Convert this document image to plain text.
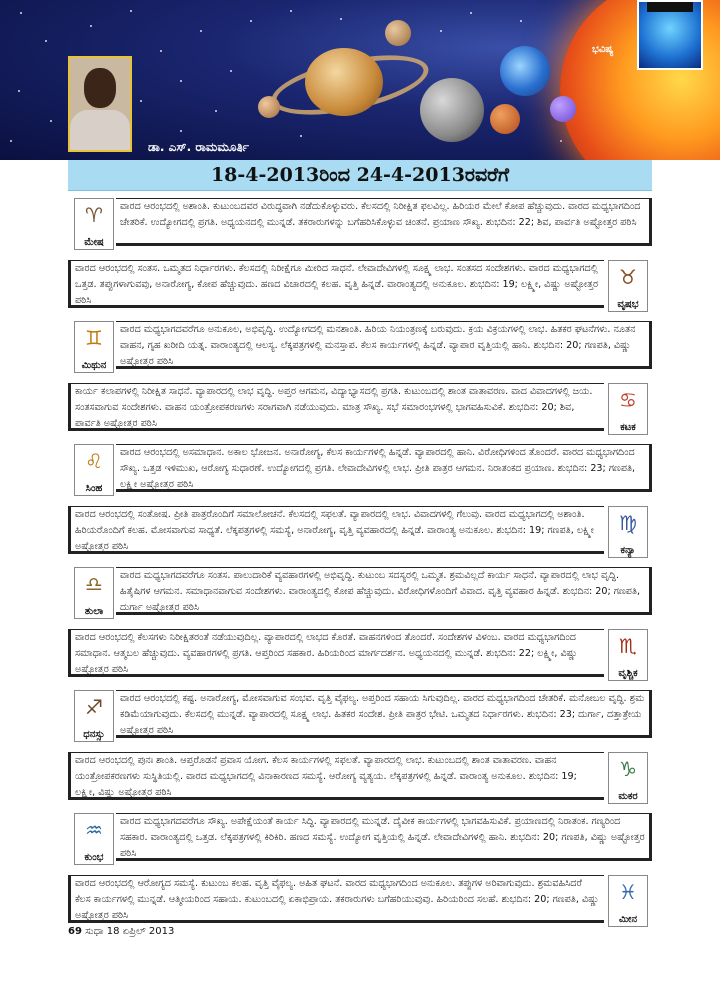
ಭವಿಷ್ಯ
ಡಾ. ಎಸ್. ರಾಮಮೂರ್ತಿ
18-4-2013ರಿಂದ 24-4-2013ರವರೆಗೆ
♈
ಮೇಷ
ವಾರದ ಆರಂಭದಲ್ಲಿ ಅಶಾಂತಿ. ಕುಟುಂಬದವರ ವಿರುದ್ಧವಾಗಿ ನಡೆದುಕೊಳ್ಳುವರು. ಕೆಲಸದಲ್ಲಿ ನಿರೀಕ್ಷಿತ ಫಲವಿಲ್ಲ. ಹಿರಿಯರ ಮೇಲೆ ಕೋಪ ಹೆಚ್ಚುವುದು. ವಾರದ ಮಧ್ಯಭಾಗದಿಂದ ಚೇತರಿಕೆ. ಉದ್ಯೋಗದಲ್ಲಿ ಪ್ರಗತಿ. ಅಧ್ಯಯನದಲ್ಲಿ ಮುನ್ನಡೆ. ತಕರಾರುಗಳನ್ನು ಬಗೆಹರಿಸಿಕೊಳ್ಳುವ ಚಿಂತನೆ. ಪ್ರಯಾಣ ಸೌಖ್ಯ. ಶುಭದಿನ: 22; ಶಿವ, ಪಾರ್ವತಿ ಅಷ್ಟೋತ್ತರ ಪಠಿಸಿ
♉
ವೃಷಭ
ವಾರದ ಆರಂಭದಲ್ಲಿ ಸಂತಸ. ಒಮ್ಮತದ ನಿರ್ಧಾರಗಳು. ಕೆಲಸದಲ್ಲಿ ನಿರೀಕ್ಷೆಗೂ ಮೀರಿದ ಸಾಧನೆ. ಲೇವಾದೇವಿಗಳಲ್ಲಿ ಸೂಕ್ಷ್ಮ ಲಾಭ. ಸಂತಸದ ಸಂದೇಶಗಳು. ವಾರದ ಮಧ್ಯಭಾಗದಲ್ಲಿ ಒತ್ತಡ. ತಪ್ಪುಗಳಾಗುವವು, ಅನಾರೋಗ್ಯ, ಕೋಪ ಹೆಚ್ಚುವುದು. ಹಣದ ವಿಚಾರದಲ್ಲಿ ಕಲಹ. ವೃತ್ತಿ ಹಿನ್ನಡೆ. ವಾರಾಂತ್ಯದಲ್ಲಿ ಅನುಕೂಲ. ಶುಭದಿನ: 19; ಲಕ್ಷ್ಮೀ, ವಿಷ್ಣು ಅಷ್ಟೋತ್ತರ ಪಠಿಸಿ
♊
ಮಿಥುನ
ವಾರದ ಮಧ್ಯಭಾಗದವರೆಗೂ ಅನುಕೂಲ, ಅಭಿವೃದ್ಧಿ. ಉದ್ಯೋಗದಲ್ಲಿ ಮನಶಾಂತಿ. ಹಿರಿಯ ನಿಯಂತ್ರಣಕ್ಕೆ ಬರುವುದು. ಕ್ರಯ ವಿಕ್ರಯಗಳಲ್ಲಿ ಲಾಭ. ಹಿತಕರ ಘಟನೆಗಳು. ನೂತನ ವಾಹನ, ಗೃಹ ಖರೀದಿ ಯತ್ನ. ವಾರಾಂತ್ಯದಲ್ಲಿ ಆಲಸ್ಯ. ಲೆಕ್ಕಪತ್ರಗಳಲ್ಲಿ ಮನಸ್ತಾಪ. ಕೆಲಸ ಕಾರ್ಯಗಳಲ್ಲಿ ಹಿನ್ನಡೆ. ವ್ಯಾಪಾರ ವೃತ್ತಿಯಲ್ಲಿ ಹಾನಿ. ಶುಭದಿನ: 20; ಗಣಪತಿ, ವಿಷ್ಣು ಅಷ್ಟೋತ್ತರ ಪಠಿಸಿ
♋
ಕಟಕ
ಕಾರ್ಯ ಕಲಾಪಗಳಲ್ಲಿ ನಿರೀಕ್ಷಿತ ಸಾಧನೆ. ವ್ಯಾಪಾರದಲ್ಲಿ ಲಾಭ ವೃದ್ಧಿ. ಅಪ್ತರ ಆಗಮನ, ವಿದ್ಯಾಭ್ಯಾಸದಲ್ಲಿ ಪ್ರಗತಿ. ಕುಟುಂಬದಲ್ಲಿ ಶಾಂತ ವಾತಾವರಣ. ವಾದ ವಿವಾದಗಳಲ್ಲಿ ಜಯ. ಸಂತಸವಾಗುವ ಸಂದೇಶಗಳು. ವಾಹನ ಯಂತ್ರೋಪಕರಣಗಳು ಸರಾಗವಾಗಿ ನಡೆಯುವುದು. ಮಾತ್ರ ಸೌಖ್ಯ. ಸಭೆ ಸಮಾರಂಭಗಳಲ್ಲಿ ಭಾಗವಹಿಸುವಿಕೆ. ಶುಭದಿನ: 20; ಶಿವ, ಪಾರ್ವತಿ ಅಷ್ಟೋತ್ತರ ಪಠಿಸಿ
♌
ಸಿಂಹ
ವಾರದ ಆರಂಭದಲ್ಲಿ ಅಸಮಾಧಾನ. ಅಕಾಲ ಭೋಜನ. ಅನಾರೋಗ್ಯ, ಕೆಲಸ ಕಾರ್ಯಗಳಲ್ಲಿ ಹಿನ್ನಡೆ. ವ್ಯಾಪಾರದಲ್ಲಿ ಹಾನಿ. ವಿರೋಧಿಗಳಿಂದ ತೊಂದರೆ. ವಾರದ ಮಧ್ಯಭಾಗದಿಂದ ಸೌಖ್ಯ. ಒತ್ತಡ ಇಳಿಮುಖ, ಆರೋಗ್ಯ ಸುಧಾರಣೆ. ಉದ್ಯೋಗದಲ್ಲಿ ಪ್ರಗತಿ. ಲೇವಾದೇವಿಗಳಲ್ಲಿ ಲಾಭ. ಪ್ರೀತಿ ಪಾತ್ರರ ಆಗಮನ. ನಿರಾತಂಕದ ಪ್ರಯಾಣ. ಶುಭದಿನ: 23; ಗಣಪತಿ, ಲಕ್ಷ್ಮೀ ಅಷ್ಟೋತ್ತರ ಪಠಿಸಿ
♍
ಕನ್ಯಾ
ವಾರದ ಆರಂಭದಲ್ಲಿ ಸಂತೋಷ. ಪ್ರೀತಿ ಪಾತ್ರರೊಂದಿಗೆ ಸಮಾಲೋಚನೆ. ಕೆಲಸದಲ್ಲಿ ಸಫಲತೆ. ವ್ಯಾಪಾರದಲ್ಲಿ ಲಾಭ. ವಿವಾದಗಳಲ್ಲಿ ಗೆಲುವು. ವಾರದ ಮಧ್ಯಭಾಗದಲ್ಲಿ ಅಶಾಂತಿ. ಹಿರಿಯರೊಂದಿಗೆ ಕಲಹ. ಮೋಸವಾಗುವ ಸಾಧ್ಯತೆ. ಲೆಕ್ಕಪತ್ರಗಳಲ್ಲಿ ಸಮಸ್ಯೆ, ಅನಾರೋಗ್ಯ, ವೃತ್ತಿ ವ್ಯವಹಾರದಲ್ಲಿ ಹಿನ್ನಡೆ. ವಾರಾಂತ್ಯ ಅನುಕೂಲ. ಶುಭದಿನ: 19; ಗಣಪತಿ, ಲಕ್ಷ್ಮೀ ಅಷ್ಟೋತ್ತರ ಪಠಿಸಿ
♎
ತುಲಾ
ವಾರದ ಮಧ್ಯಭಾಗದವರೆಗೂ ಸಂತಸ. ಪಾಲುದಾರಿಕೆ ವ್ಯವಹಾರಗಳಲ್ಲಿ ಅಭಿವೃದ್ಧಿ. ಕುಟುಂಬ ಸದಸ್ಯರಲ್ಲಿ ಒಮ್ಮತ. ಶ್ರಮವಿಲ್ಲದೆ ಕಾರ್ಯ ಸಾಧನೆ. ವ್ಯಾಪಾರದಲ್ಲಿ ಲಾಭ ವೃದ್ಧಿ. ಹಿತೈಷಿಗಳ ಆಗಮನ. ಸಮಾಧಾನವಾಗುವ ಸಂದೇಶಗಳು. ವಾರಾಂತ್ಯದಲ್ಲಿ ಕೋಪ ಹೆಚ್ಚುವುದು. ವಿರೋಧಿಗಳೊಂದಿಗೆ ವಿವಾದ. ವೃತ್ತಿ ವ್ಯವಹಾರ ಹಿನ್ನಡೆ. ಶುಭದಿನ: 20; ಗಣಪತಿ, ದುರ್ಗಾ ಅಷ್ಟೋತ್ತರ ಪಠಿಸಿ
♏
ವೃಶ್ಚಿಕ
ವಾರದ ಆರಂಭದಲ್ಲಿ ಕೆಲಸಗಳು ನಿರೀಕ್ಷಿತರಂತೆ ನಡೆಯುವುದಿಲ್ಲ. ವ್ಯಾಪಾರದಲ್ಲಿ ಲಾಭದ ಕೊರತೆ. ವಾಹನಗಳಿಂದ ತೊಂದರೆ. ಸಂದೇಶಗಳ ವಿಳಂಬ. ವಾರದ ಮಧ್ಯಭಾಗದಿಂದ ಸಮಾಧಾನ. ಆತ್ಮಬಲ ಹೆಚ್ಚುವುದು. ವ್ಯವಹಾರಗಳಲ್ಲಿ ಪ್ರಗತಿ. ಆಪ್ತರಿಂದ ಸಹಕಾರ. ಹಿರಿಯರಿಂದ ಮಾರ್ಗದರ್ಶನ. ಅಧ್ಯಯನದಲ್ಲಿ ಮುನ್ನಡೆ. ಶುಭದಿನ: 22; ಲಕ್ಷ್ಮೀ, ವಿಷ್ಣು ಅಷ್ಟೋತ್ತರ ಪಠಿಸಿ
♐
ಧನಸ್ಸು
ವಾರದ ಆರಂಭದಲ್ಲಿ ಕಷ್ಟ. ಅನಾರೋಗ್ಯ, ಮೋಸವಾಗುವ ಸಂಭವ. ವೃತ್ತಿ ವೈಫಲ್ಯ. ಅಪ್ತರಿಂದ ಸಹಾಯ ಸಿಗುವುದಿಲ್ಲ. ವಾರದ ಮಧ್ಯಭಾಗದಿಂದ ಚೇತರಿಕೆ. ಮನೋಬಲ ವೃದ್ಧಿ. ಶ್ರಮ ಕಡಿಮೆಯಾಗುವುದು. ಕೆಲಸದಲ್ಲಿ ಮುನ್ನಡೆ. ವ್ಯಾಪಾರದಲ್ಲಿ ಸೂಕ್ಷ್ಮ ಲಾಭ. ಹಿತಕರ ಸಂದೇಶ. ಪ್ರೀತಿ ಪಾತ್ರರ ಭೇಟಿ. ಒಮ್ಮತದ ನಿರ್ಧಾರಗಳು. ಶುಭದಿನ: 23; ದುರ್ಗಾ, ದತ್ತಾತ್ರೇಯ ಅಷ್ಟೋತ್ತರ ಪಠಿಸಿ
♑
ಮಕರ
ವಾರದ ಆರಂಭದಲ್ಲಿ ಪುನಃ ಶಾಂತಿ. ಆಪ್ತರೊಡನೆ ಪ್ರವಾಸ ಯೋಗ. ಕೆಲಸ ಕಾರ್ಯಗಳಲ್ಲಿ ಸಫಲತೆ. ವ್ಯಾಪಾರದಲ್ಲಿ ಲಾಭ. ಕುಟುಂಬದಲ್ಲಿ ಶಾಂತ ವಾತಾವರಣ. ವಾಹನ ಯಂತ್ರೋಪಕರಣಗಳು ಸುಸ್ಥಿತಿಯಲ್ಲಿ. ವಾರದ ಮಧ್ಯಭಾಗದಲ್ಲಿ ವಿನಾಕಾರಣದ ಸಮಸ್ಯೆ. ಆರೋಗ್ಯ ವ್ಯತ್ಯಯ. ಲೆಕ್ಕಪತ್ರಗಳಲ್ಲಿ ಹಿನ್ನಡೆ. ವಾರಾಂತ್ಯ ಅನುಕೂಲ. ಶುಭದಿನ: 19; ಲಕ್ಷ್ಮೀ, ವಿಷ್ಣು ಅಷ್ಟೋತ್ತರ ಪಠಿಸಿ
♒
ಕುಂಭ
ವಾರದ ಮಧ್ಯಭಾಗದವರೆಗೂ ಸೌಖ್ಯ. ಅಪೇಕ್ಷೆಯಂತೆ ಕಾರ್ಯ ಸಿದ್ಧಿ. ವ್ಯಾಪಾರದಲ್ಲಿ ಮುನ್ನಡೆ. ದೈವೀಕ ಕಾರ್ಯಗಳಲ್ಲಿ ಭಾಗವಹಿಸುವಿಕೆ. ಪ್ರಯಾಣದಲ್ಲಿ ನಿರಾತಂಕ. ಗಣ್ಯರಿಂದ ಸಹಕಾರ. ವಾರಾಂತ್ಯದಲ್ಲಿ ಒತ್ತಡ. ಲೆಕ್ಕಪತ್ರಗಳಲ್ಲಿ ಕಿರಿಕಿರಿ. ಹಣದ ಸಮಸ್ಯೆ. ಉದ್ಯೋಗ ವೃತ್ತಿಯಲ್ಲಿ ಹಿನ್ನಡೆ. ಲೇವಾದೇವಿಗಳಲ್ಲಿ ಹಾನಿ. ಶುಭದಿನ: 20; ಗಣಪತಿ, ವಿಷ್ಣು ಅಷ್ಟೋತ್ತರ ಪಠಿಸಿ
♓
ಮೀನ
ವಾರದ ಆರಂಭದಲ್ಲಿ ಆರೋಗ್ಯದ ಸಮಸ್ಯೆ. ಕುಟುಂಬ ಕಲಹ. ವೃತ್ತಿ ವೈಫಲ್ಯ. ಅಹಿತ ಘಟನೆ. ವಾರದ ಮಧ್ಯಭಾಗದಿಂದ ಅನುಕೂಲ. ತಪ್ಪುಗಳ ಅರಿವಾಗುವುದು. ಶ್ರಮವಹಿಸಿದರೆ ಕೆಲಸ ಕಾರ್ಯಗಳಲ್ಲಿ ಮುನ್ನಡೆ. ಆತ್ಮೀಯರಿಂದ ಸಹಾಯ. ಕುಟುಂಬದಲ್ಲಿ ಏಕಾಭಿಪ್ರಾಯ. ತಕರಾರುಗಳು ಬಗೆಹರಿಯುವುವು. ಹಿರಿಯರಿಂದ ಸಲಹೆ. ಶುಭದಿನ: 20; ಗಣಪತಿ, ವಿಷ್ಣು ಅಷ್ಟೋತ್ತರ ಪಠಿಸಿ
69 ಸುಧಾ 18 ಏಪ್ರಿಲ್ 2013
